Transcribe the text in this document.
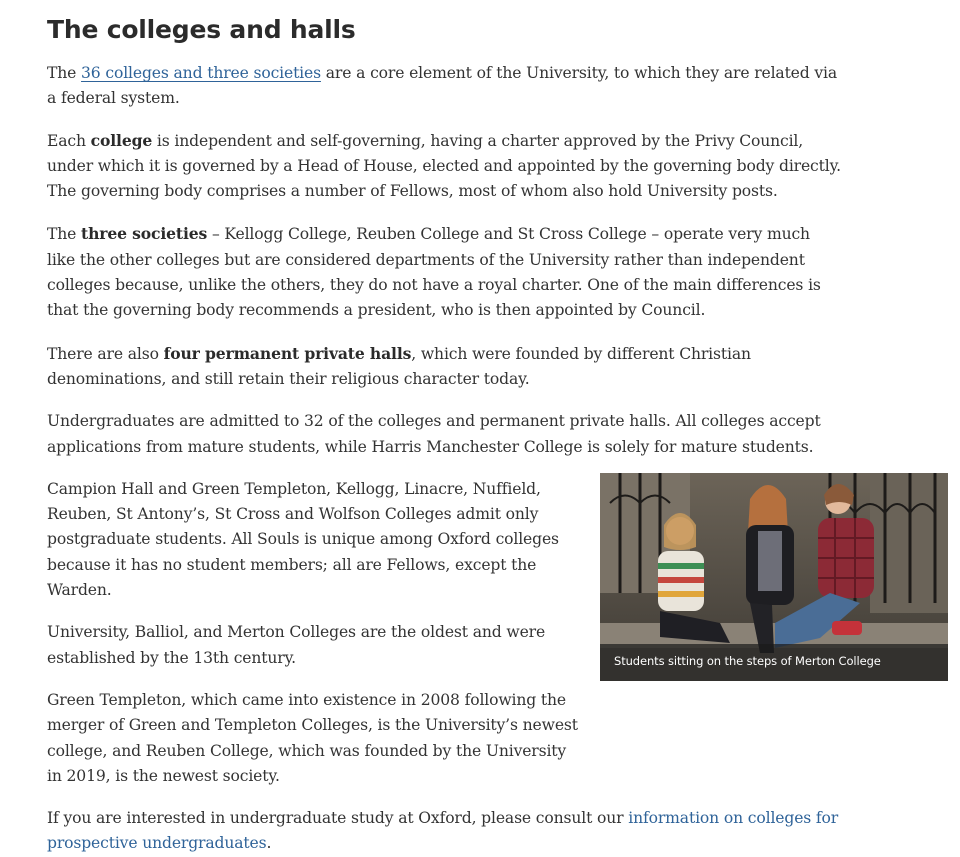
The colleges and halls

The 36 colleges and three societies are a core element of the University, to which they are related via a federal system.

Each college is independent and self-governing, having a charter approved by the Privy Council, under which it is governed by a Head of House, elected and appointed by the governing body directly. The governing body comprises a number of Fellows, most of whom also hold University posts.

The three societies – Kellogg College, Reuben College and St Cross College – operate very much like the other colleges but are considered departments of the University rather than independent colleges because, unlike the others, they do not have a royal charter. One of the main differences is that the governing body recommends a president, who is then appointed by Council.

There are also four permanent private halls, which were founded by different Christian denominations, and still retain their religious character today.

Undergraduates are admitted to 32 of the colleges and permanent private halls. All colleges accept applications from mature students, while Harris Manchester College is solely for mature students.

Campion Hall and Green Templeton, Kellogg, Linacre, Nuffield, Reuben, St Antony’s, St Cross and Wolfson Colleges admit only postgraduate students. All Souls is unique among Oxford colleges because it has no student members; all are Fellows, except the Warden.

University, Balliol, and Merton Colleges are the oldest and were established by the 13th century.

Green Templeton, which came into existence in 2008 following the merger of Green and Templeton Colleges, is the University’s newest college, and Reuben College, which was founded by the University in 2019, is the newest society.

If you are interested in undergraduate study at Oxford, please consult our information on colleges for prospective undergraduates.

Students sitting on the steps of Merton College
